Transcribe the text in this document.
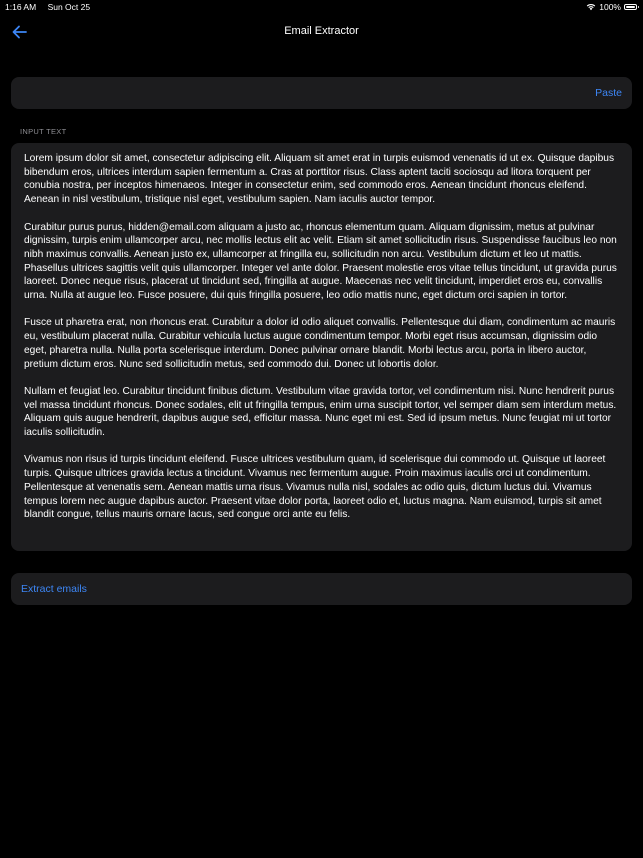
1:16 AM Sun Oct 25	100%
Email Extractor
Paste
INPUT TEXT

Lorem ipsum dolor sit amet, consectetur adipiscing elit. Aliquam sit amet erat in turpis euismod venenatis id ut ex. Quisque dapibus bibendum eros, ultrices interdum sapien fermentum a. Cras at porttitor risus. Class aptent taciti sociosqu ad litora torquent per conubia nostra, per inceptos himenaeos. Integer in consectetur enim, sed commodo eros. Aenean tincidunt rhoncus eleifend. Aenean in nisl vestibulum, tristique nisl eget, vestibulum sapien. Nam iaculis auctor tempor.

Curabitur purus purus, hidden@email.com aliquam a justo ac, rhoncus elementum quam. Aliquam dignissim, metus at pulvinar dignissim, turpis enim ullamcorper arcu, nec mollis lectus elit ac velit. Etiam sit amet sollicitudin risus. Suspendisse faucibus leo non nibh maximus convallis. Aenean justo ex, ullamcorper at fringilla eu, sollicitudin non arcu. Vestibulum dictum et leo ut mattis. Phasellus ultrices sagittis velit quis ullamcorper. Integer vel ante dolor. Praesent molestie eros vitae tellus tincidunt, ut gravida purus laoreet. Donec neque risus, placerat ut tincidunt sed, fringilla at augue. Maecenas nec velit tincidunt, imperdiet eros eu, convallis urna. Nulla at augue leo. Fusce posuere, dui quis fringilla posuere, leo odio mattis nunc, eget dictum orci sapien in tortor.

Fusce ut pharetra erat, non rhoncus erat. Curabitur a dolor id odio aliquet convallis. Pellentesque dui diam, condimentum ac mauris eu, vestibulum placerat nulla. Curabitur vehicula luctus augue condimentum tempor. Morbi eget risus accumsan, dignissim odio eget, pharetra nulla. Nulla porta scelerisque interdum. Donec pulvinar ornare blandit. Morbi lectus arcu, porta in libero auctor, pretium dictum eros. Nunc sed sollicitudin metus, sed commodo dui. Donec ut lobortis dolor.

Nullam et feugiat leo. Curabitur tincidunt finibus dictum. Vestibulum vitae gravida tortor, vel condimentum nisi. Nunc hendrerit purus vel massa tincidunt rhoncus. Donec sodales, elit ut fringilla tempus, enim urna suscipit tortor, vel semper diam sem interdum metus. Aliquam quis augue hendrerit, dapibus augue sed, efficitur massa. Nunc eget mi est. Sed id ipsum metus. Nunc feugiat mi ut tortor iaculis sollicitudin.

Vivamus non risus id turpis tincidunt eleifend. Fusce ultrices vestibulum quam, id scelerisque dui commodo ut. Quisque ut laoreet turpis. Quisque ultrices gravida lectus a tincidunt. Vivamus nec fermentum augue. Proin maximus iaculis orci ut condimentum. Pellentesque at venenatis sem. Aenean mattis urna risus. Vivamus nulla nisl, sodales ac odio quis, dictum luctus dui. Vivamus tempus lorem nec augue dapibus auctor. Praesent vitae dolor porta, laoreet odio et, luctus magna. Nam euismod, turpis sit amet blandit congue, tellus mauris ornare lacus, sed congue orci ante eu felis.

Extract emails
